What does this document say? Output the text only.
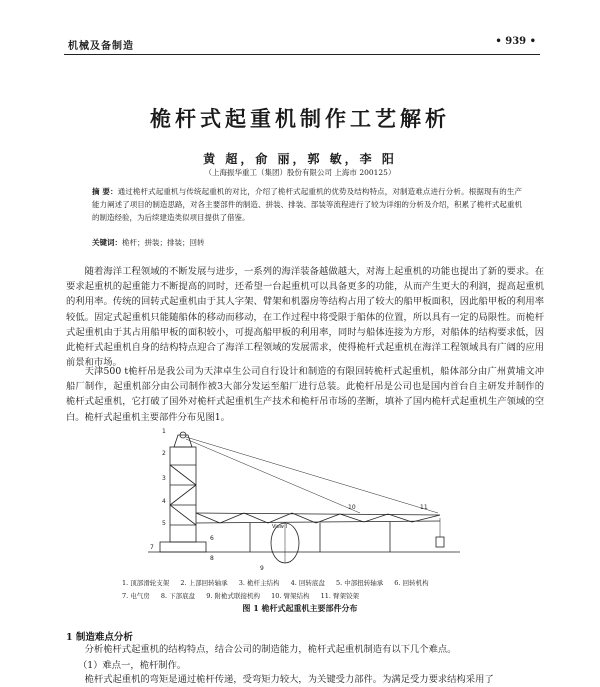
机械及备制造	• 939 •
桅杆式起重机制作工艺解析
黄 超，俞 丽，郭 敏，李 阳
（上海振华重工（集团）股份有限公司 上海市 200125）
摘 要：通过桅杆式起重机与传统起重机的对比，介绍了桅杆式起重机的优势及结构特点，对制造难点进行分析。根据现有的生产能力阐述了项目的制造思路，对各主要部件的制造、拼装、排装、部装等流程进行了较为详细的分析及介绍，积累了桅杆式起重机的制造经验，为后续建造类似项目提供了借鉴。
关键词：桅杆；拼装；排装；回转
随着海洋工程领域的不断发展与进步，一系列的海洋装备越做越大，对海上起重机的功能也提出了新的要求。在要求起重机的起重能力不断提高的同时，还希望一台起重机可以具备更多的功能，从而产生更大的利润，提高起重机的利用率。传统的回转式起重机由于其人字架、臂架和机器房等结构占用了较大的船甲板面积，因此船甲板的利用率较低。固定式起重机只能随船体的移动而移动，在工作过程中将受限于船体的位置，所以具有一定的局限性。而桅杆式起重机由于其占用船甲板的面积较小，可提高船甲板的利用率，同时与船体连接为方形，对船体的结构要求低，因此桅杆式起重机自身的结构特点迎合了海洋工程领域的发展需求，使得桅杆式起重机在海洋工程领域具有广阔的应用前景和市场。
天津500 t桅杆吊是我公司为天津卓生公司自行设计和制造的有限回转桅杆式起重机，船体部分由广州黄埔文冲船厂制作，起重机部分由公司制作被3大部分发运至船厂进行总装。此桅杆吊是公司也是国内首台自主研发并制作的桅杆式起重机，它打破了国外对桅杆式起重机生产技术和桅杆吊市场的垄断，填补了国内桅杆式起重机生产领域的空白。桅杆式起重机主要部件分布见图1。
View I
1
2
3
4
5
6
7
8
9
10	11
1. 顶部滑轮支架 2. 上部回转轴承 3. 桅杆主结构 4. 回转底盘 5. 中部扭转轴承 6. 回转机构
7. 电气房 8. 下部底盘 9. 附桅式联接机构 10. 臂架结构 11. 臂架铰架
图 1 桅杆式起重机主要部件分布
1 制造难点分析
分析桅杆式起重机的结构特点，结合公司的制造能力，桅杆式起重机制造有以下几个难点。
（1）难点一，桅杆制作。
桅杆式起重机的弯矩是通过桅杆传递，受弯矩力较大，为关键受力部件。为满足受力要求结构采用了
